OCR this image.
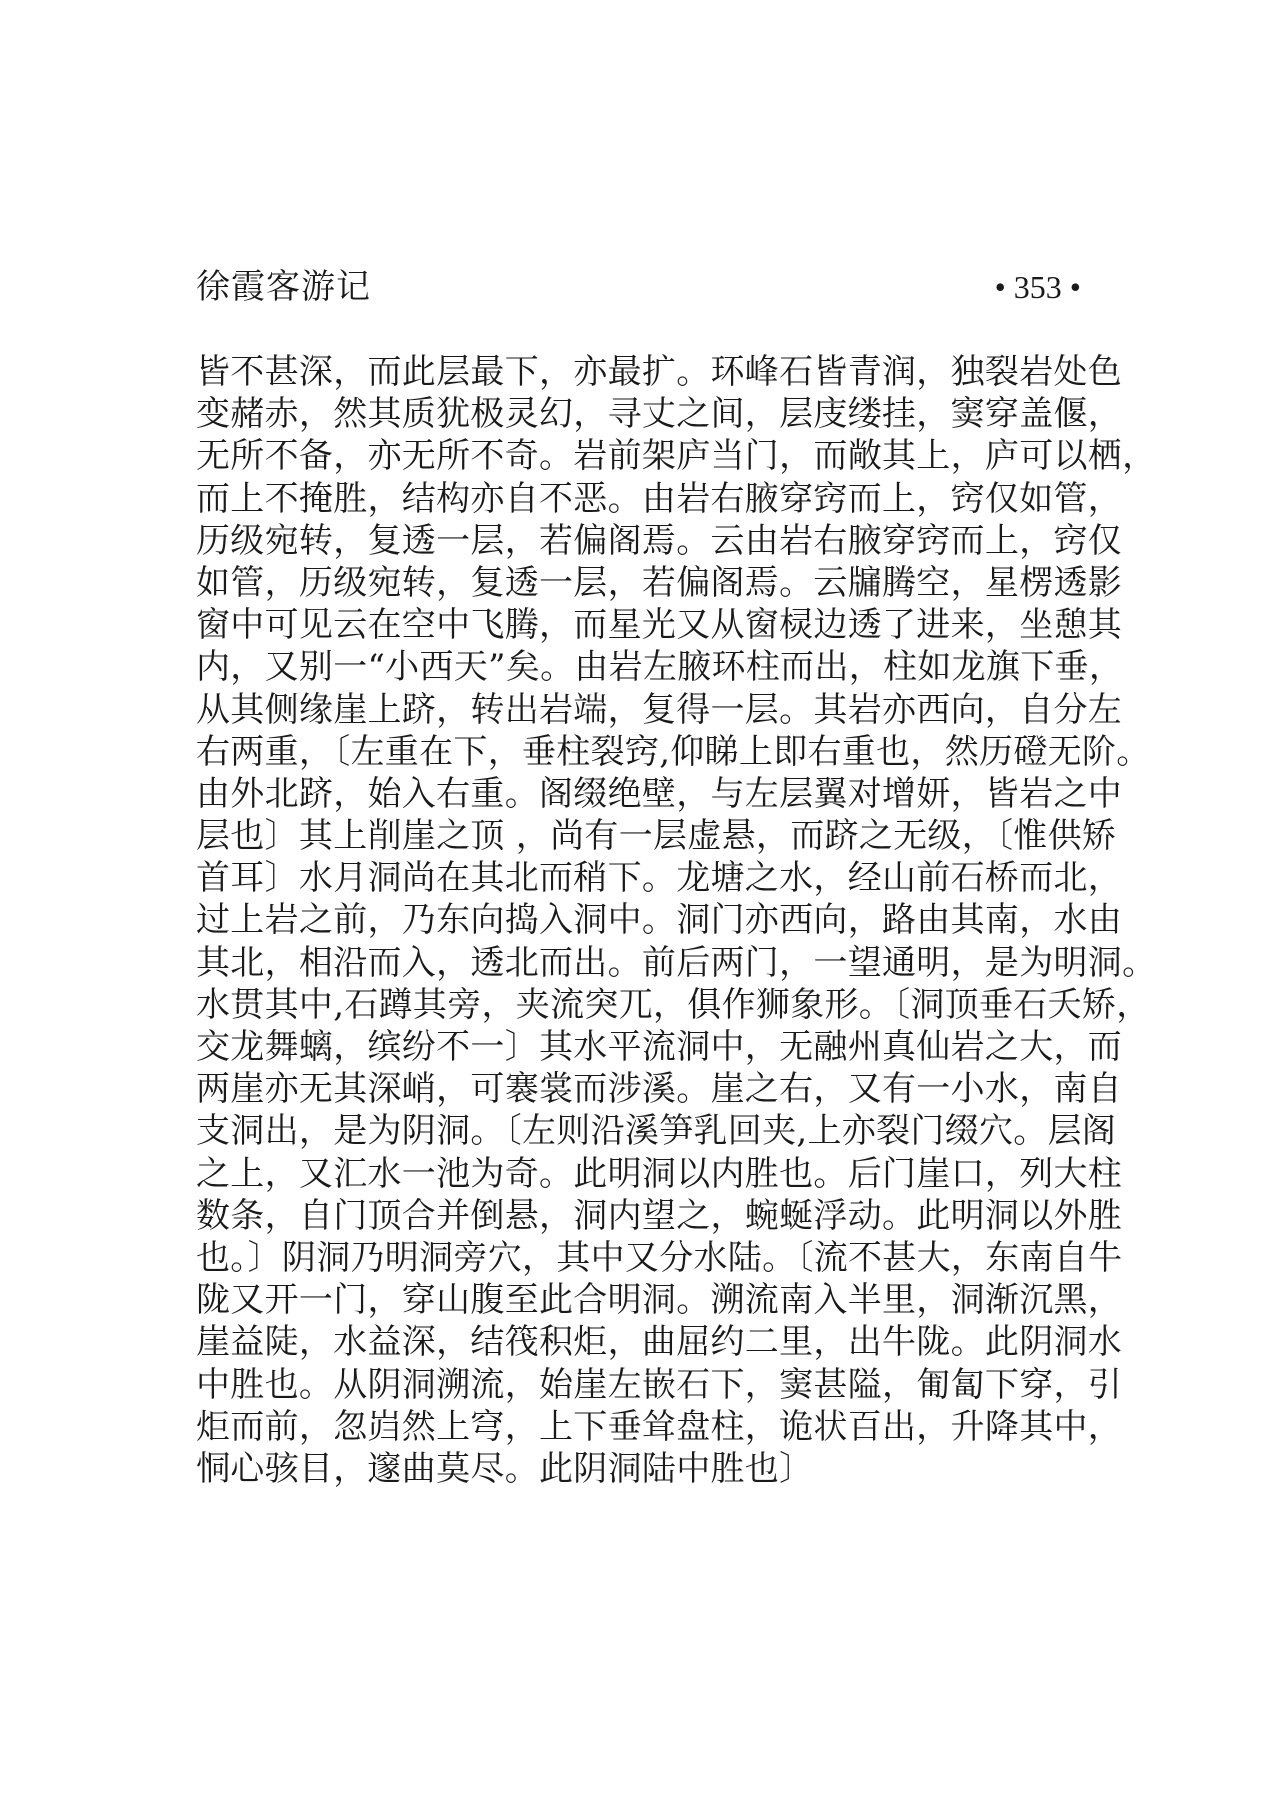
徐霞客游记	• 353 •
皆不甚深，而此层最下，亦最扩。环峰石皆青润，独裂岩处色
变赭赤，然其质犹极灵幻，寻丈之间，层庋缕挂，窦穿盖偃，
无所不备，亦无所不奇。岩前架庐当门，而敞其上，庐可以栖，
而上不掩胜，结构亦自不恶。由岩右腋穿窍而上，窍仅如管，
历级宛转，复透一层，若偏阁焉。云由岩右腋穿窍而上，窍仅
如管，历级宛转，复透一层，若偏阁焉。云牖腾空，星楞透影
窗中可见云在空中飞腾，而星光又从窗棂边透了进来，坐憩其
内，又别一“小西天”矣。由岩左腋环柱而出，柱如龙旗下垂，
从其侧缘崖上跻，转出岩端，复得一层。其岩亦西向，自分左
右两重，〔左重在下，垂柱裂窍,仰睇上即右重也，然历磴无阶。
由外北跻，始入右重。阁缀绝壁，与左层翼对增妍，皆岩之中
层也〕其上削崖之顶 ，尚有一层虚悬，而跻之无级，〔惟供矫
首耳〕水月洞尚在其北而稍下。龙塘之水，经山前石桥而北，
过上岩之前，乃东向捣入洞中。洞门亦西向，路由其南，水由
其北，相沿而入，透北而出。前后两门，一望通明，是为明洞。
水贯其中,石蹲其旁，夹流突兀，俱作狮象形。〔洞顶垂石夭矫，
交龙舞螭，缤纷不一〕其水平流洞中，无融州真仙岩之大，而
两崖亦无其深峭，可褰裳而涉溪。崖之右，又有一小水，南自
支洞出，是为阴洞。〔左则沿溪笋乳回夹,上亦裂门缀穴。层阁
之上，又汇水一池为奇。此明洞以内胜也。后门崖口，列大柱
数条，自门顶合并倒悬，洞内望之，蜿蜒浮动。此明洞以外胜
也。〕阴洞乃明洞旁穴，其中又分水陆。〔流不甚大，东南自牛
陇又开一门，穿山腹至此合明洞。溯流南入半里，洞渐沉黑，
崖益陡，水益深，结筏积炬，曲屈约二里，出牛陇。此阴洞水
中胜也。从阴洞溯流，始崖左嵌石下，窦甚隘，匍匐下穿，引
炬而前，忽岿然上穹，上下垂耸盘柱，诡状百出，升降其中，
恫心骇目，邃曲莫尽。此阴洞陆中胜也〕
